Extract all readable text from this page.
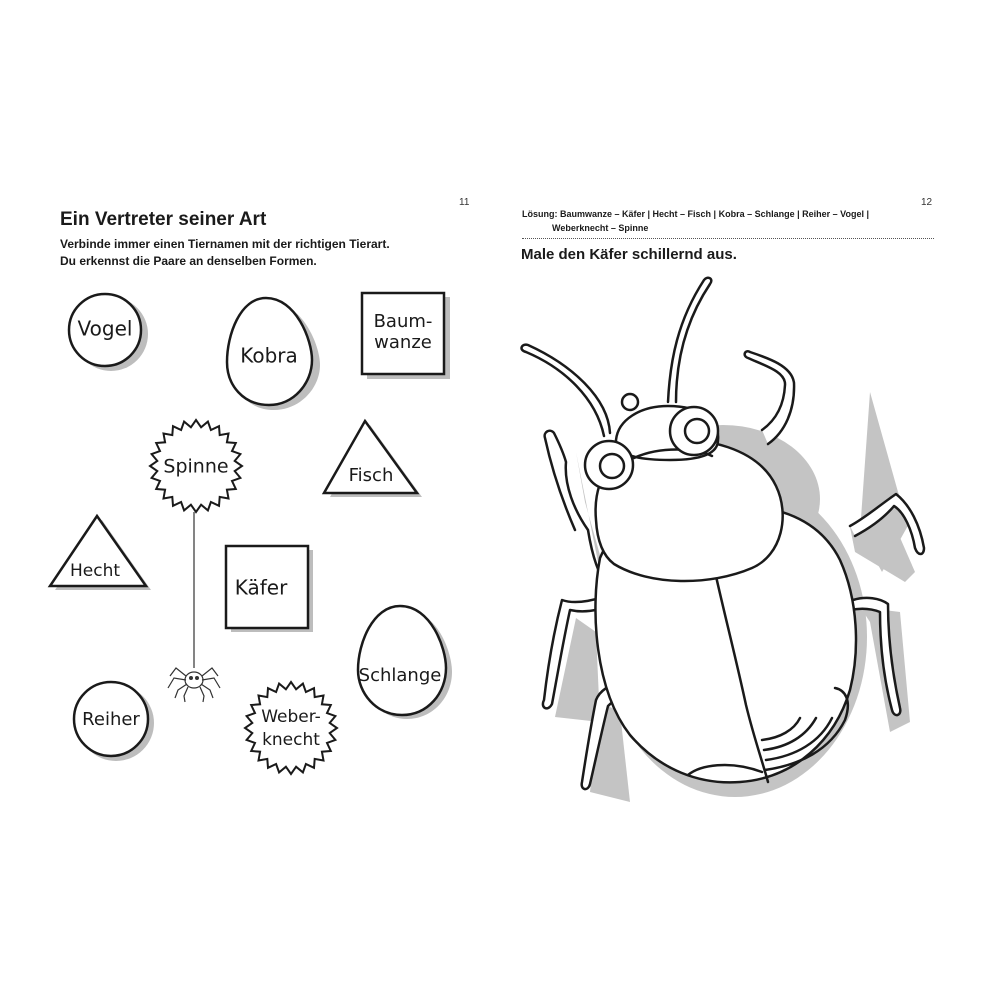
11
Ein Vertreter seiner Art

Verbinde immer einen Tiernamen mit der richtigen Tierart.

Du erkennst die Paare an denselben Formen.

Vogel
Kobra
Baum-
wanze
Spinne	Fisch
Hecht
Käfer
Schlange
Reiher	Weber-
knecht
12
Lösung: Baumwanze – Käfer | Hecht – Fisch | Kobra – Schlange | Reiher – Vogel |
Weberknecht – Spinne
Male den Käfer schillernd aus.
